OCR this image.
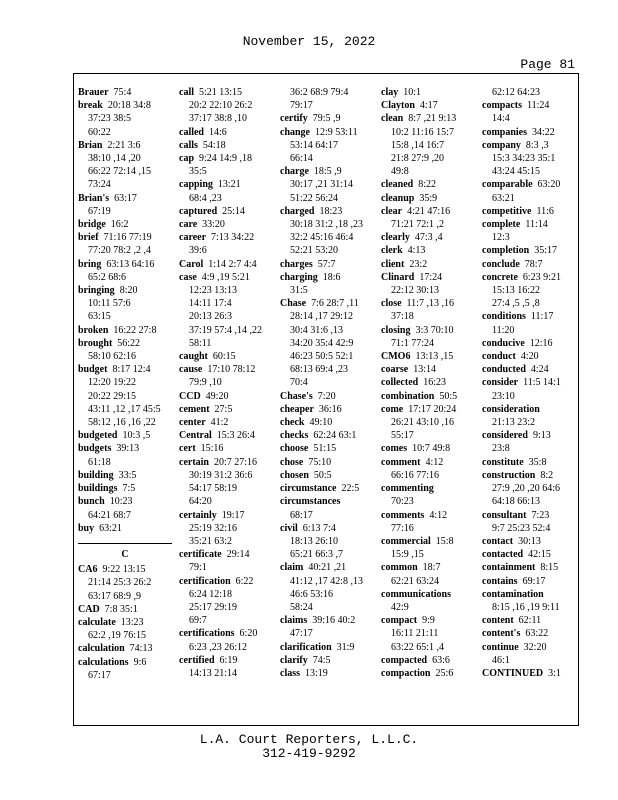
November 15, 2022
Page 81
Brauer 75:4
break 20:18 34:8
37:23 38:5
60:22
Brian 2:21 3:6
38:10 ,14 ,20
66:22 72:14 ,15
73:24
Brian's 63:17
67:19
bridge 16:2
brief 71:16 77:19
77:20 78:2 ,2 ,4
bring 63:13 64:16
65:2 68:6
bringing 8:20
10:11 57:6
63:15
broken 16:22 27:8
brought 56:22
58:10 62:16
budget 8:17 12:4
12:20 19:22
20:22 29:15
43:11 ,12 ,17 45:5
58:12 ,16 ,16 ,22
budgeted 10:3 ,5
budgets 39:13
61:18
building 33:5
buildings 7:5
bunch 10:23
64:21 68:7
buy 63:21
C
CA6 9:22 13:15
21:14 25:3 26:2
63:17 68:9 ,9
CAD 7:8 35:1
calculate 13:23
62:2 ,19 76:15
calculation 74:13
calculations 9:6
67:17
call 5:21 13:15
20:2 22:10 26:2
37:17 38:8 ,10
called 14:6
calls 54:18
cap 9:24 14:9 ,18
35:5
capping 13:21
68:4 ,23
captured 25:14
care 33:20
career 7:13 34:22
39:6
Carol 1:14 2:7 4:4
case 4:9 ,19 5:21
12:23 13:13
14:11 17:4
20:13 26:3
37:19 57:4 ,14 ,22
58:11
caught 60:15
cause 17:10 78:12
79:9 ,10
CCD 49:20
cement 27:5
center 41:2
Central 15:3 26:4
cert 15:16
certain 20:7 27:16
30:19 31:2 36:6
54:17 58:19
64:20
certainly 19:17
25:19 32:16
35:21 63:2
certificate 29:14
79:1
certification 6:22
6:24 12:18
25:17 29:19
69:7
certifications 6:20
6:23 ,23 26:12
certified 6:19
14:13 21:14
36:2 68:9 79:4
79:17
certify 79:5 ,9
change 12:9 53:11
53:14 64:17
66:14
charge 18:5 ,9
30:17 ,21 31:14
51:22 56:24
charged 18:23
30:18 31:2 ,18 ,23
32:2 45:16 46:4
52:21 53:20
charges 57:7
charging 18:6
31:5
Chase 7:6 28:7 ,11
28:14 ,17 29:12
30:4 31:6 ,13
34:20 35:4 42:9
46:23 50:5 52:1
68:13 69:4 ,23
70:4
Chase's 7:20
cheaper 36:16
check 49:10
checks 62:24 63:1
choose 51:15
chose 75:10
chosen 50:5
circumstance 22:5
circumstances
68:17
civil 6:13 7:4
18:13 26:10
65:21 66:3 ,7
claim 40:21 ,21
41:12 ,17 42:8 ,13
46:6 53:16
58:24
claims 39:16 40:2
47:17
clarification 31:9
clarify 74:5
class 13:19
clay 10:1
Clayton 4:17
clean 8:7 ,21 9:13
10:2 11:16 15:7
15:8 ,14 16:7
21:8 27:9 ,20
49:8
cleaned 8:22
cleanup 35:9
clear 4:21 47:16
71:21 72:1 ,2
clearly 47:3 ,4
clerk 4:13
client 23:2
Clinard 17:24
22:12 30:13
close 11:7 ,13 ,16
37:18
closing 3:3 70:10
71:1 77:24
CMO6 13:13 ,15
coarse 13:14
collected 16:23
combination 50:5
come 17:17 20:24
26:21 43:10 ,16
55:17
comes 10:7 49:8
comment 4:12
66:16 77:16
commenting
70:23
comments 4:12
77:16
commercial 15:8
15:9 ,15
common 18:7
62:21 63:24
communications
42:9
compact 9:9
16:11 21:11
63:22 65:1 ,4
compacted 63:6
compaction 25:6
62:12 64:23
compacts 11:24
14:4
companies 34:22
company 8:3 ,3
15:3 34:23 35:1
43:24 45:15
comparable 63:20
63:21
competitive 11:6
complete 11:14
12:3
completion 35:17
conclude 78:7
concrete 6:23 9:21
15:13 16:22
27:4 ,5 ,5 ,8
conditions 11:17
11:20
conducive 12:16
conduct 4:20
conducted 4:24
consider 11:5 14:1
23:10
consideration
21:13 23:2
considered 9:13
23:8
constitute 35:8
construction 8:2
27:9 ,20 ,20 64:6
64:18 66:13
consultant 7:23
9:7 25:23 52:4
contact 30:13
contacted 42:15
containment 8:15
contains 69:17
contamination
8:15 ,16 ,19 9:11
content 62:11
content's 63:22
continue 32:20
46:1
CONTINUED 3:1
L.A. Court Reporters, L.L.C.
312-419-9292
